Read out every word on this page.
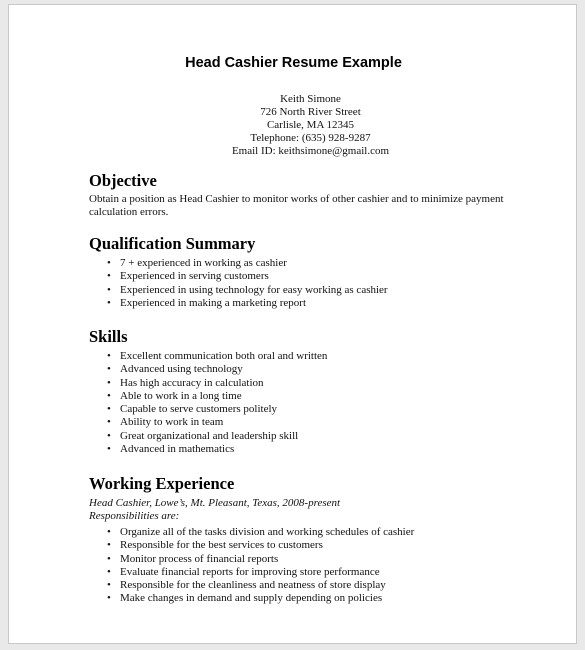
Head Cashier Resume Example
Keith Simone
726 North River Street
Carlisle, MA 12345
Telephone: (635) 928-9287
Email ID: keithsimone@gmail.com
Objective

Obtain a position as Head Cashier to monitor works of other cashier and to minimize payment calculation errors.

Qualification Summary
• 7 + experienced in working as cashier
• Experienced in serving customers
• Experienced in using technology for easy working as cashier
• Experienced in making a marketing report
Skills
• Excellent communication both oral and written
• Advanced using technology
• Has high accuracy in calculation
• Able to work in a long time
• Capable to serve customers politely
• Ability to work in team
• Great organizational and leadership skill
• Advanced in mathematics
Working Experience

Head Cashier, Lowe’s, Mt. Pleasant, Texas, 2008-present

Responsibilities are:

• Organize all of the tasks division and working schedules of cashier
• Responsible for the best services to customers
• Monitor process of financial reports
• Evaluate financial reports for improving store performance
• Responsible for the cleanliness and neatness of store display
• Make changes in demand and supply depending on policies
